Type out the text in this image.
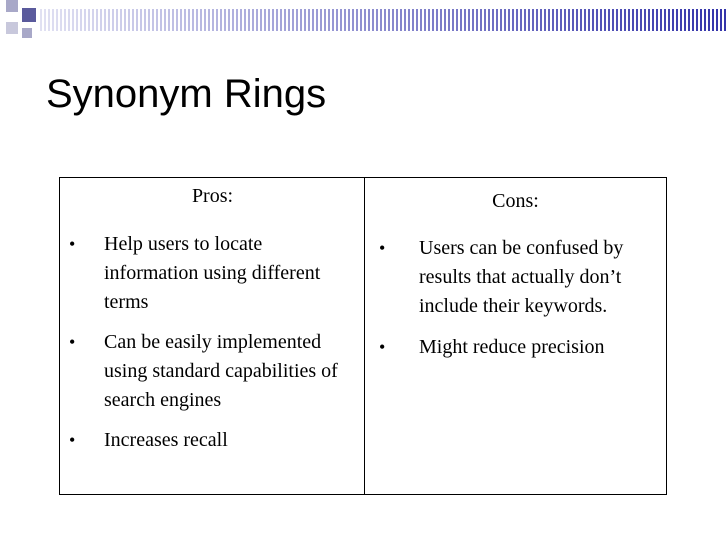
Synonym Rings
Pros:
• Help users to locate information using different terms
• Can be easily implemented using standard capabilities of search engines
• Increases recall
Cons:
• Users can be confused by results that actually don’t include their keywords.
• Might reduce precision
